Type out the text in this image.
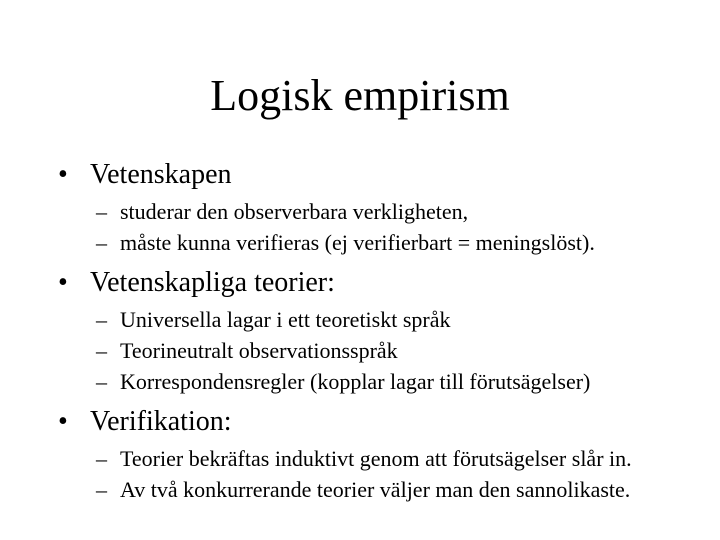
Logisk empirism
• Vetenskapen
– studerar den observerbara verkligheten,
– måste kunna verifieras (ej verifierbart = meningslöst).
• Vetenskapliga teorier:
– Universella lagar i ett teoretiskt språk
– Teorineutralt observationsspråk
– Korrespondensregler (kopplar lagar till förutsägelser)
• Verifikation:
– Teorier bekräftas induktivt genom att förutsägelser slår in.
– Av två konkurrerande teorier väljer man den sannolikaste.
